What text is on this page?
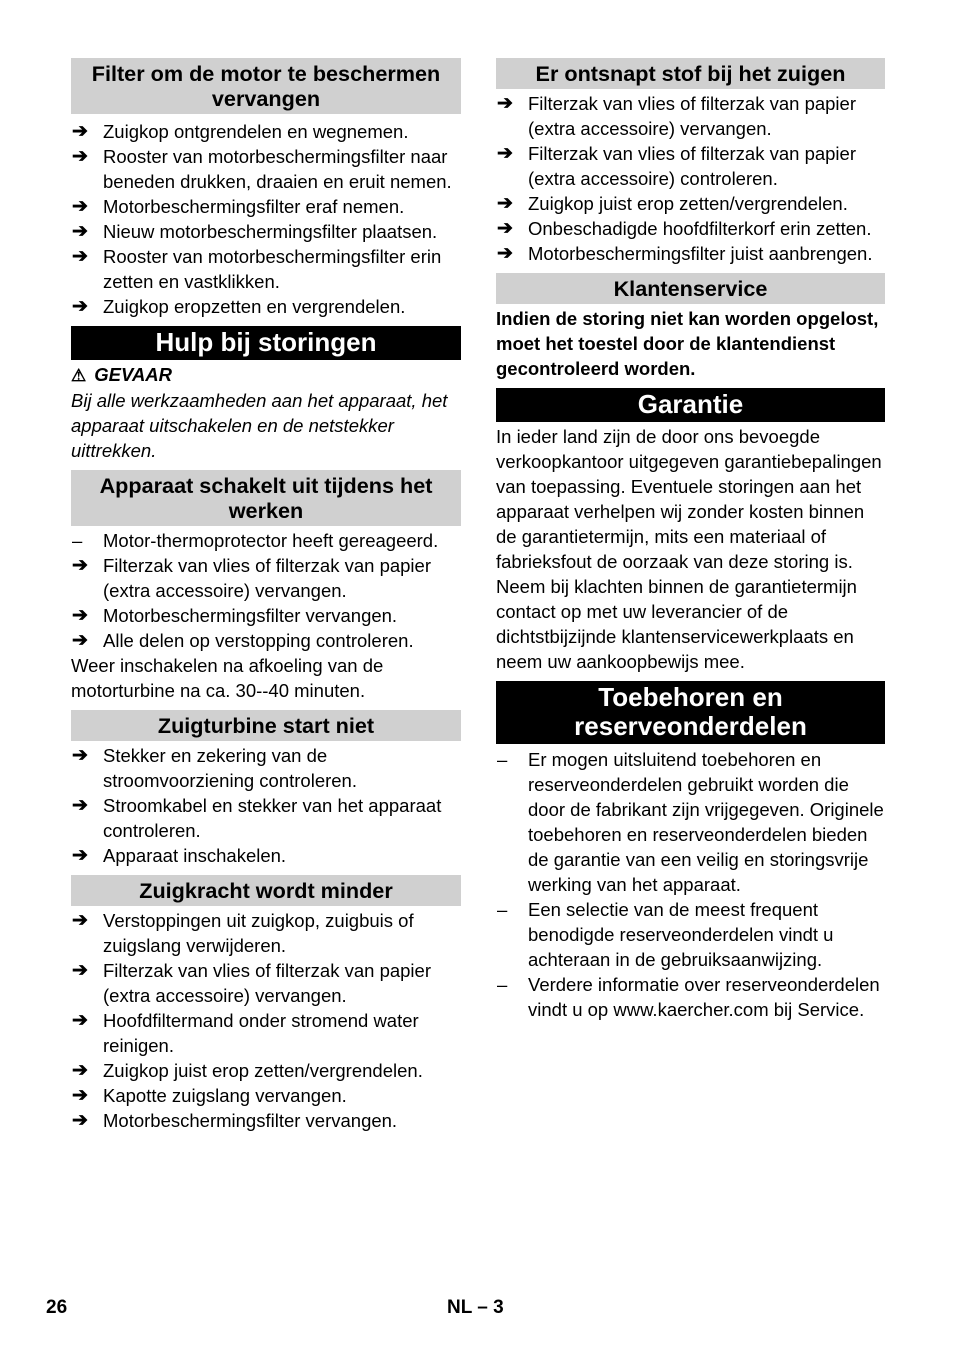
Filter om de motor te beschermen vervangen
➔ Zuigkop ontgrendelen en wegnemen.
➔ Rooster van motorbeschermingsfilter naar beneden drukken, draaien en eruit nemen.
➔ Motorbeschermingsfilter eraf nemen.
➔ Nieuw motorbeschermingsfilter plaatsen.
➔ Rooster van motorbeschermingsfilter erin zetten en vastklikken.
➔ Zuigkop eropzetten en vergrendelen.
Hulp bij storingen

⚠ GEVAAR

Bij alle werkzaamheden aan het apparaat, het apparaat uitschakelen en de netstekker uittrekken.

Apparaat schakelt uit tijdens het werken
–	Motor-thermoprotector heeft gereageerd.
➔ Filterzak van vlies of filterzak van papier (extra accessoire) vervangen.
➔ Motorbeschermingsfilter vervangen.
➔ Alle delen op verstopping controleren.

Weer inschakelen na afkoeling van de motorturbine na ca. 30--40 minuten.

Zuigturbine start niet
➔ Stekker en zekering van de stroomvoorziening controleren.
➔ Stroomkabel en stekker van het apparaat controleren.
➔ Apparaat inschakelen.
Zuigkracht wordt minder
➔ Verstoppingen uit zuigkop, zuigbuis of zuigslang verwijderen.
➔ Filterzak van vlies of filterzak van papier (extra accessoire) vervangen.
➔ Hoofdfiltermand onder stromend water reinigen.
➔ Zuigkop juist erop zetten/vergrendelen.
➔ Kapotte zuigslang vervangen.
➔ Motorbeschermingsfilter vervangen.
Er ontsnapt stof bij het zuigen
➔ Filterzak van vlies of filterzak van papier (extra accessoire) vervangen.
➔ Filterzak van vlies of filterzak van papier (extra accessoire) controleren.
➔ Zuigkop juist erop zetten/vergrendelen.
➔ Onbeschadigde hoofdfilterkorf erin zetten.
➔ Motorbeschermingsfilter juist aanbrengen.
Klantenservice

Indien de storing niet kan worden opgelost, moet het toestel door de klantendienst gecontroleerd worden.

Garantie

In ieder land zijn de door ons bevoegde verkoopkantoor uitgegeven garantiebepalingen van toepassing. Eventuele storingen aan het apparaat verhelpen wij zonder kosten binnen de garantietermijn, mits een materiaal of fabrieksfout de oorzaak van deze storing is. Neem bij klachten binnen de garantietermijn contact op met uw leverancier of de dichtstbijzijnde klantenservicewerkplaats en neem uw aankoopbewijs mee.

Toebehoren en reserveonderdelen
–	Er mogen uitsluitend toebehoren en reserveonderdelen gebruikt worden die door de fabrikant zijn vrijgegeven. Originele toebehoren en reserveonderdelen bieden de garantie van een veilig en storingsvrije werking van het apparaat.
–	Een selectie van de meest frequent benodigde reserveonderdelen vindt u achteraan in de gebruiksaanwijzing.
–	Verdere informatie over reserveonderdelen vindt u op www.kaercher.com bij Service.
26	NL – 3
